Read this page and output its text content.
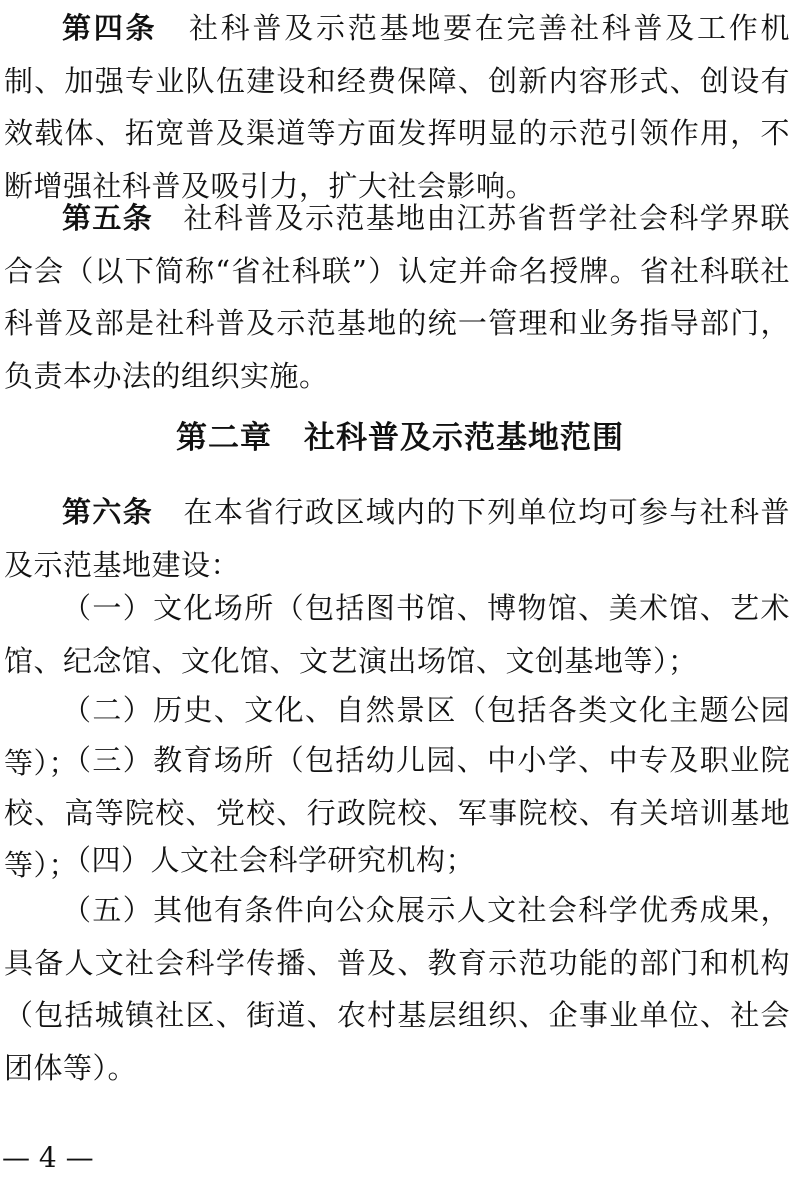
第四条　 社科普及示范基地要在完善社科普及工作机制、加强专业队伍建设和经费保障、创新内容形式、创设有效载体、拓宽普及渠道等方面发挥明显的示范引领作用，不断增强社科普及吸引力，扩大社会影响。

第五条　 社科普及示范基地由江苏省哲学社会科学界联合会（以下简称“省社科联”）认定并命名授牌。省社科联社科普及部是社科普及示范基地的统一管理和业务指导部门，负责本办法的组织实施。

第二章　社科普及示范基地范围

第六条　 在本省行政区域内的下列单位均可参与社科普及示范基地建设：

（一）文化场所（包括图书馆、博物馆、美术馆、艺术馆、纪念馆、文化馆、文艺演出场馆、文创基地等）；

（二）历史、文化、自然景区（包括各类文化主题公园等）；

（三）教育场所（包括幼儿园、中小学、中专及职业院校、高等院校、党校、行政院校、军事院校、有关培训基地等）；

（四）人文社会科学研究机构；

（五）其他有条件向公众展示人文社会科学优秀成果，具备人文社会科学传播、普及、教育示范功能的部门和机构（包括城镇社区、街道、农村基层组织、企事业单位、社会团体等）。

— 4 —
